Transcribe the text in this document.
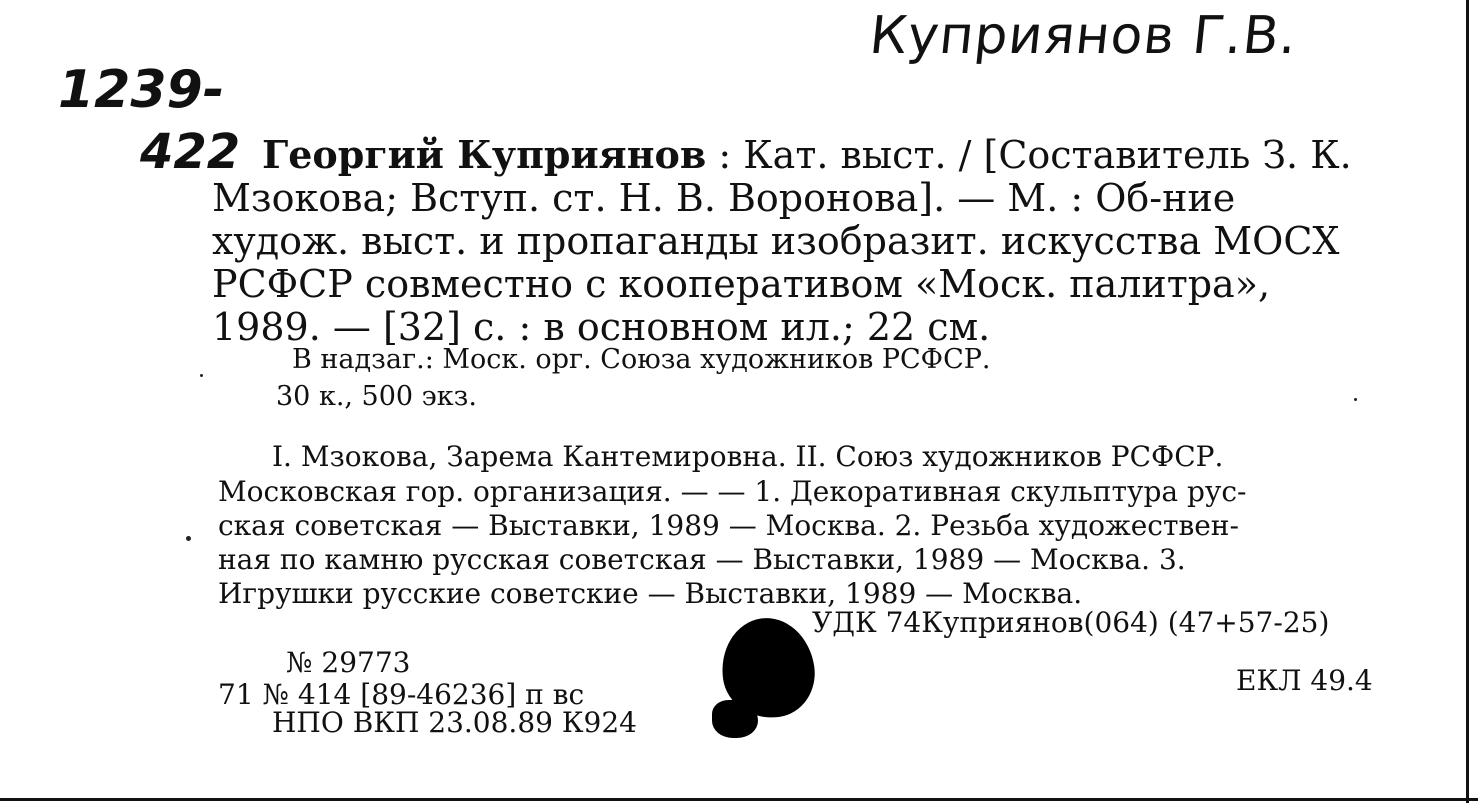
Куприянов Г.В.
1239-
422 Георгий Куприянов : Кат. выст. / [Составитель З. К.
Мзокова; Вступ. ст. Н. В. Воронова]. — М. : Об-ние
худож. выст. и пропаганды изобразит. искусства МОСХ
РСФСР совместно с кооперативом «Моск. палитра»,
1989. — [32] с. : в основном ил.; 22 см.
В надзаг.: Моск. орг. Союза художников РСФСР.
30 к., 500 экз.
I. Мзокова, Зарема Кантемировна. II. Союз художников РСФСР.
Московская гор. организация. — — 1. Декоративная скульптура рус-
ская советская — Выставки, 1989 — Москва. 2. Резьба художествен-
ная по камню русская советская — Выставки, 1989 — Москва. 3.
Игрушки русские советские — Выставки, 1989 — Москва.
УДК 74Куприянов(064) (47+57-25)
ЕКЛ 49.4
№ 29773
71 № 414 [89-46236] п вс
НПО ВКП 23.08.89 К924
